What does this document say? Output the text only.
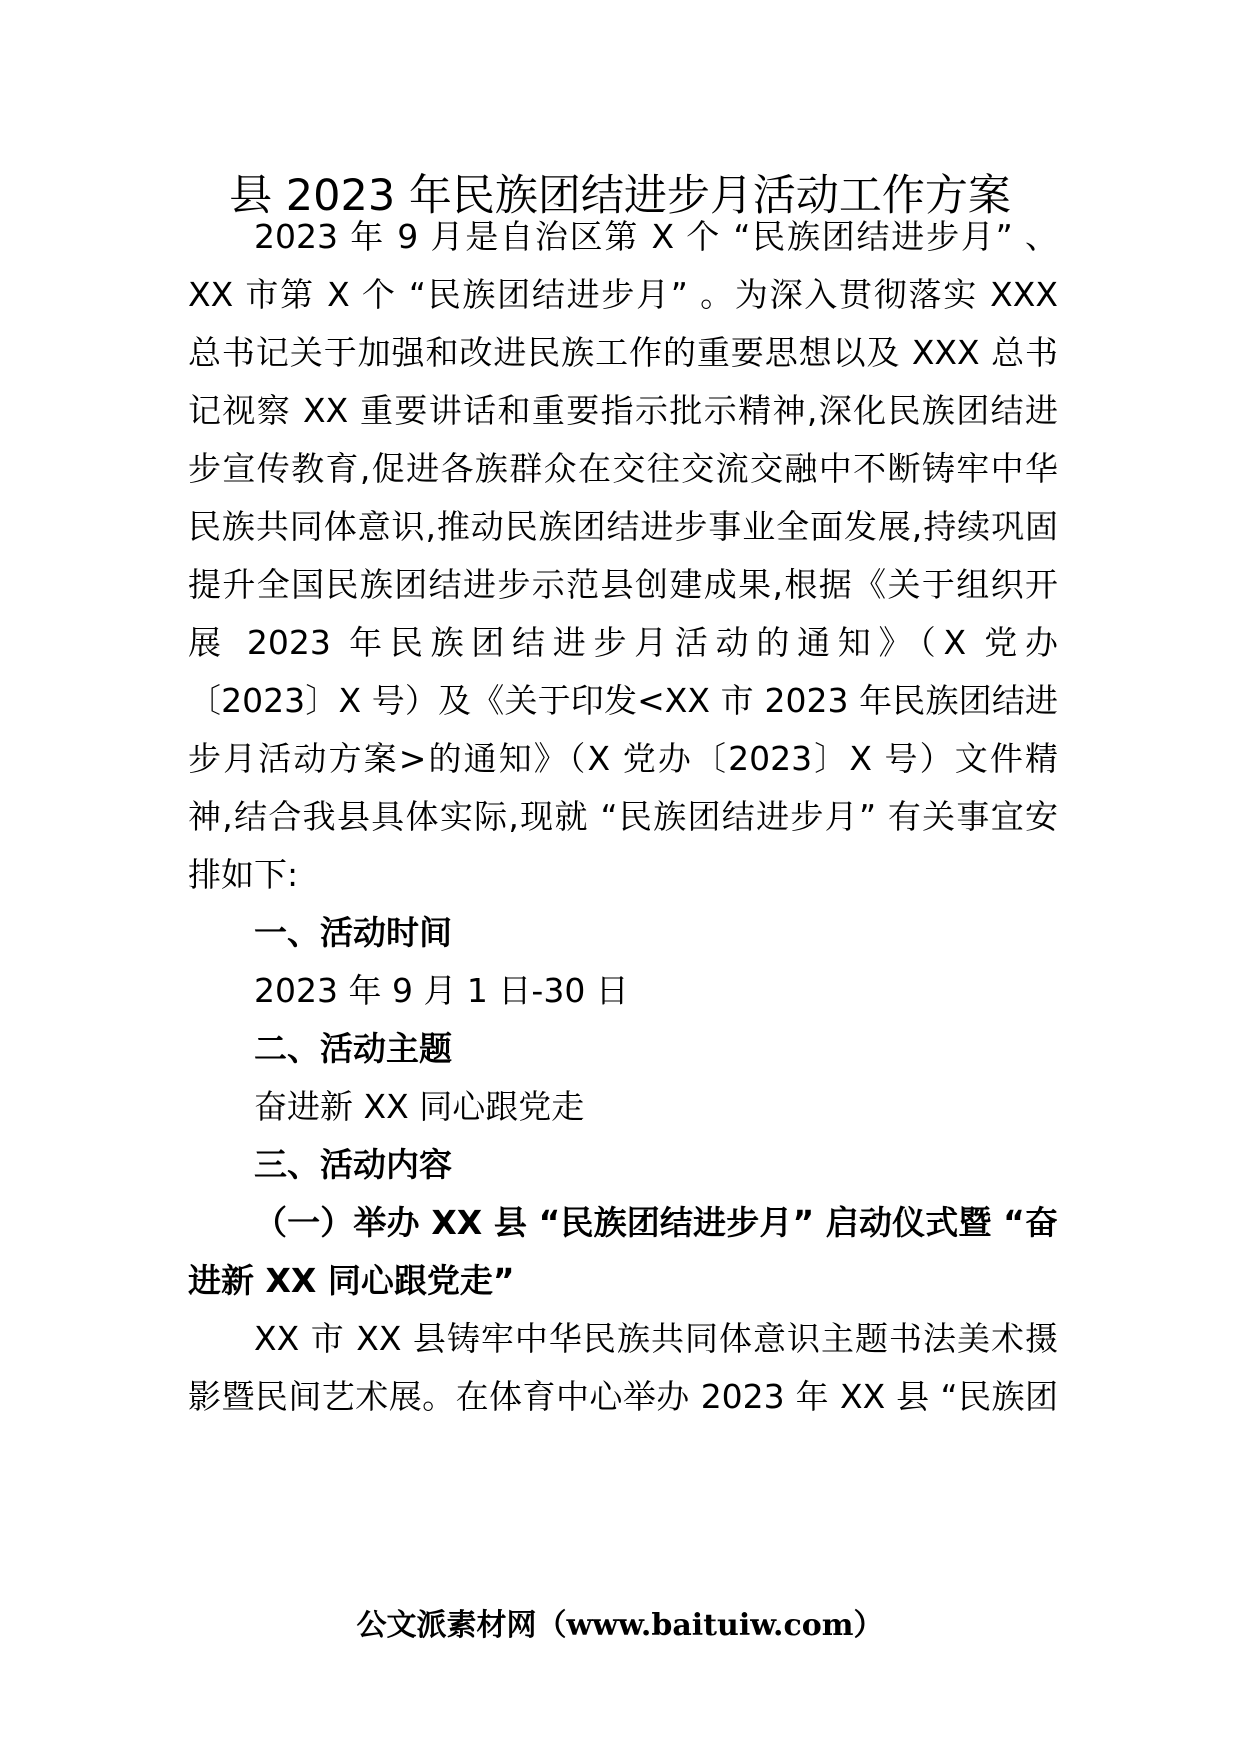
县 2023 年民族团结进步月活动工作方案

2023 年 9 月是自治区第 X 个 “民族团结进步月” 、

XX 市第 X 个 “民族团结进步月” 。为深入贯彻落实 XXX

总书记关于加强和改进民族工作的重要思想以及 XXX 总书

记视察 XX 重要讲话和重要指示批示精神,深化民族团结进

步宣传教育,促进各族群众在交往交流交融中不断铸牢中华

民族共同体意识,推动民族团结进步事业全面发展,持续巩固

提升全国民族团结进步示范县创建成果,根据《关于组织开

展 2023 年民族团结进步月活动的通知》（X 党办

〔2023〕X 号）及《关于印发<XX 市 2023 年民族团结进

步月活动方案>的通知》（X 党办〔2023〕X 号）文件精

神,结合我县具体实际,现就 “民族团结进步月” 有关事宜安

排如下:

一、活动时间

2023 年 9 月 1 日-30 日

二、活动主题

奋进新 XX 同心跟党走

三、活动内容

（一）举办 XX 县 “民族团结进步月” 启动仪式暨 “奋

进新 XX 同心跟党走”

XX 市 XX 县铸牢中华民族共同体意识主题书法美术摄

影暨民间艺术展。在体育中心举办 2023 年 XX 县 “民族团

公文派素材网（www.baituiw.com）
